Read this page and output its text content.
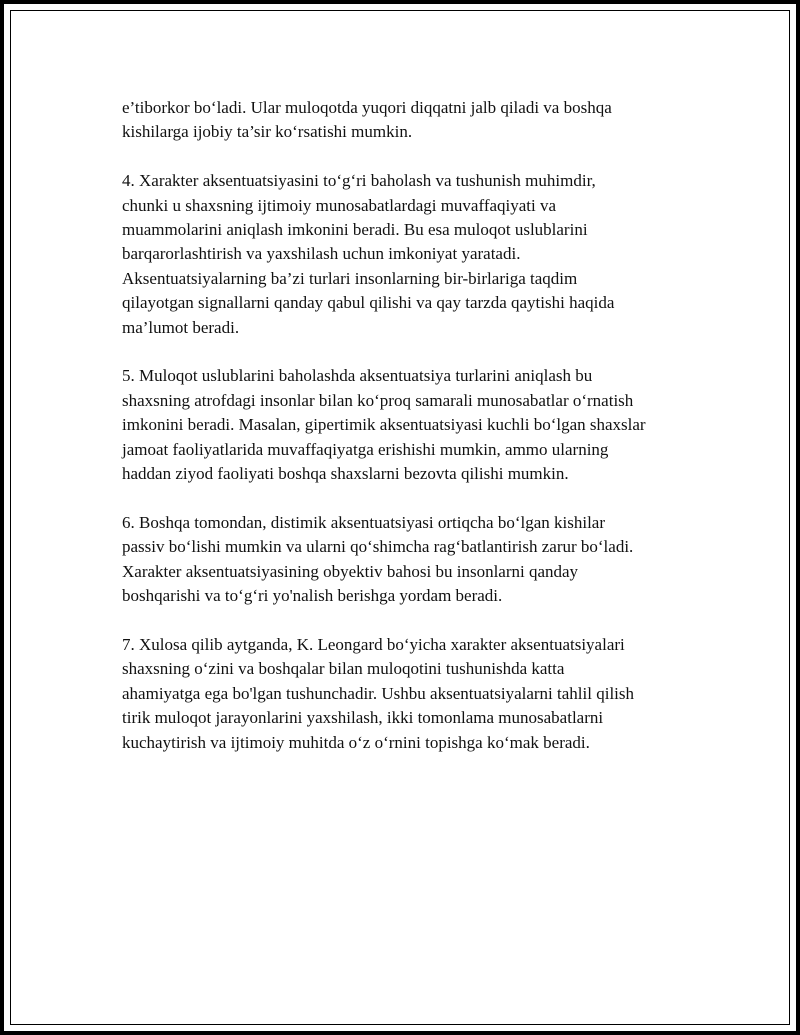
e’tiborkor bo‘ladi. Ular muloqotda yuqori diqqatni jalb qiladi va boshqa
kishilarga ijobiy ta’sir ko‘rsatishi mumkin.

4. Xarakter aksentuatsiyasini to‘g‘ri baholash va tushunish muhimdir,
chunki u shaxsning ijtimoiy munosabatlardagi muvaffaqiyati va
muammolarini aniqlash imkonini beradi. Bu esa muloqot uslublarini
barqarorlashtirish va yaxshilash uchun imkoniyat yaratadi.
Aksentuatsiyalarning ba’zi turlari insonlarning bir-birlariga taqdim
qilayotgan signallarni qanday qabul qilishi va qay tarzda qaytishi haqida
ma’lumot beradi.

5. Muloqot uslublarini baholashda aksentuatsiya turlarini aniqlash bu
shaxsning atrofdagi insonlar bilan ko‘proq samarali munosabatlar o‘rnatish
imkonini beradi. Masalan, gipertimik aksentuatsiyasi kuchli bo‘lgan shaxslar
jamoat faoliyatlarida muvaffaqiyatga erishishi mumkin, ammo ularning
haddan ziyod faoliyati boshqa shaxslarni bezovta qilishi mumkin.

6. Boshqa tomondan, distimik aksentuatsiyasi ortiqcha bo‘lgan kishilar
passiv bo‘lishi mumkin va ularni qo‘shimcha rag‘batlantirish zarur bo‘ladi.
Xarakter aksentuatsiyasining obyektiv bahosi bu insonlarni qanday
boshqarishi va to‘g‘ri yo'nalish berishga yordam beradi.

7. Xulosa qilib aytganda, K. Leongard bo‘yicha xarakter aksentuatsiyalari
shaxsning o‘zini va boshqalar bilan muloqotini tushunishda katta
ahamiyatga ega bo'lgan tushunchadir. Ushbu aksentuatsiyalarni tahlil qilish
tirik muloqot jarayonlarini yaxshilash, ikki tomonlama munosabatlarni
kuchaytirish va ijtimoiy muhitda o‘z o‘rnini topishga ko‘mak beradi.
